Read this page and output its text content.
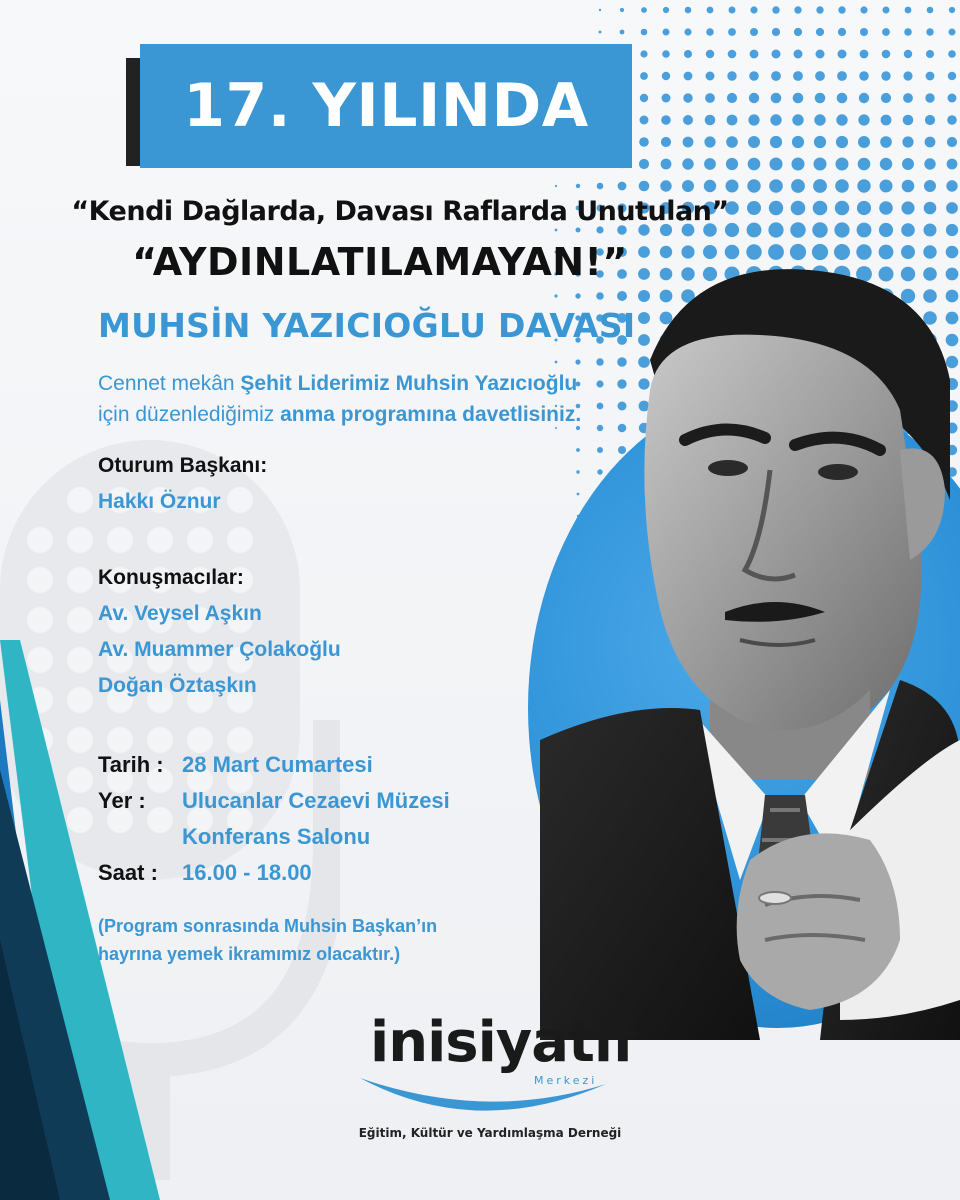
17. YILINDA
“Kendi Dağlarda, Davası Raflarda Unutulan”
“AYDINLATILAMAYAN!”
MUHSİN YAZICIOĞLU DAVASI
Cennet mekân Şehit Liderimiz Muhsin Yazıcıoğlu
için düzenlediğimiz anma programına davetlisiniz.
Oturum Başkanı:
Hakkı Öznur
Konuşmacılar:
Av. Veysel Aşkın
Av. Muammer Çolakoğlu
Doğan Öztaşkın
Tarih : 28 Mart Cumartesi
Yer : Ulucanlar Cezaevi Müzesi
Konferans Salonu
Saat : 16.00 - 18.00
(Program sonrasında Muhsin Başkan’ın
hayrına yemek ikramımız olacaktır.)
inisiyatif
Merkezi
Eğitim, Kültür ve Yardımlaşma Derneği
